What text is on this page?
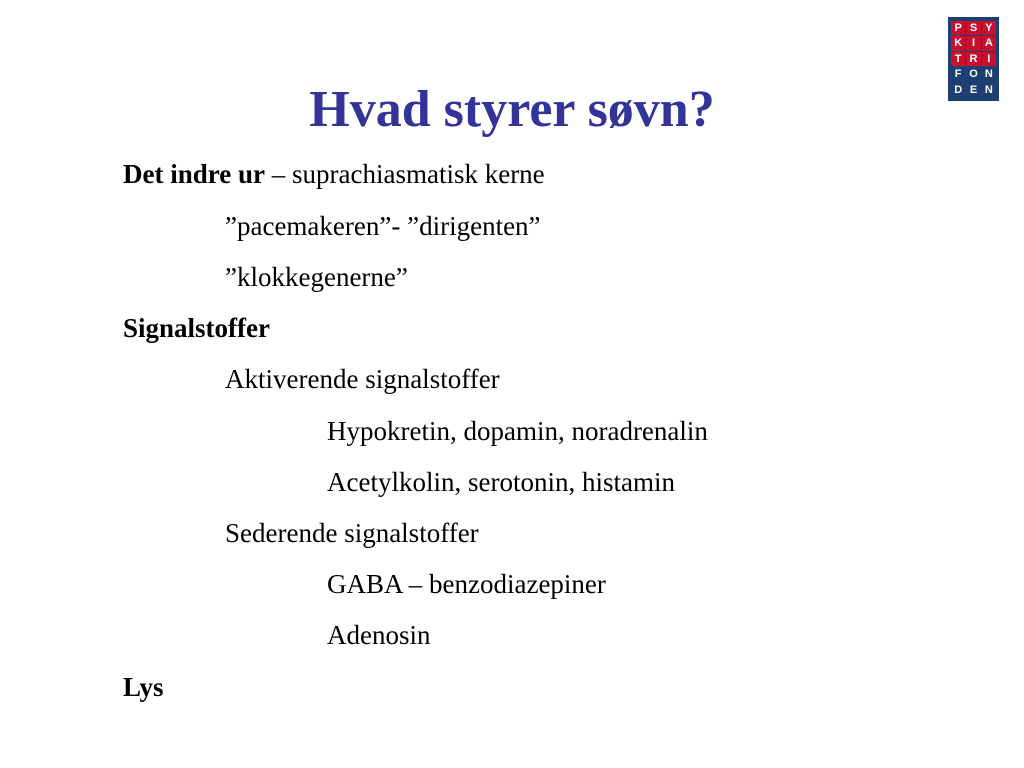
Hvad styrer søvn?
P S Y
K I A
T R I
F O N
D E N
Det indre ur – suprachiasmatisk kerne
”pacemakeren”- ”dirigenten”
”klokkegenerne”
Signalstoffer
Aktiverende signalstoffer
Hypokretin, dopamin, noradrenalin
Acetylkolin, serotonin, histamin
Sederende signalstoffer
GABA – benzodiazepiner
Adenosin
Lys
